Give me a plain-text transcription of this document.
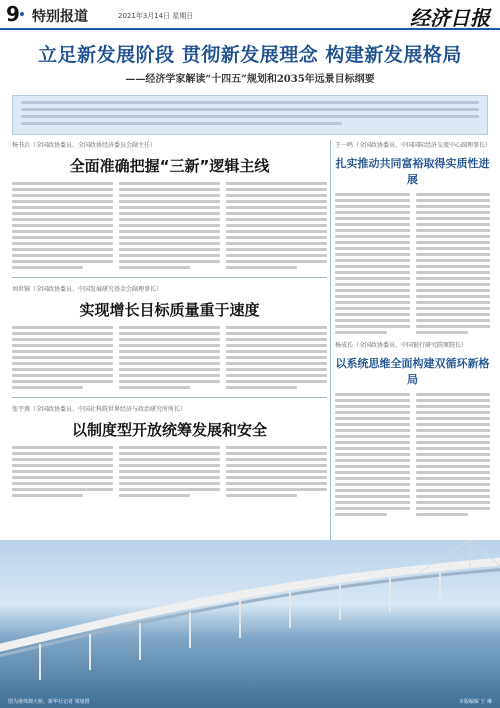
9 特别报道	2021年3月14日 星期日	经济日报
立足新发展阶段 贯彻新发展理念 构建新发展格局
——经济学家解读“十四五”规划和2035年远景目标纲要
杨书兵（全国政协委员、全国政协经济委员会副主任）
全面准确把握“三新”逻辑主线
刘世锦（全国政协委员、中国发展研究基金会副理事长）
实现增长目标质量重于速度
张宇燕（全国政协委员、中国社科院世界经济与政治研究所所长）
以制度型开放统筹发展和安全
王一鸣（全国政协委员、中国国际经济交流中心副理事长）
扎实推动共同富裕取得实质性进展
杨成长（全国政协委员、中国银行研究院原院长）
以系统思维全面构建双循环新格局
图为港珠澳大桥。新华社记者 梁旭摄	本版编辑 王 琳
